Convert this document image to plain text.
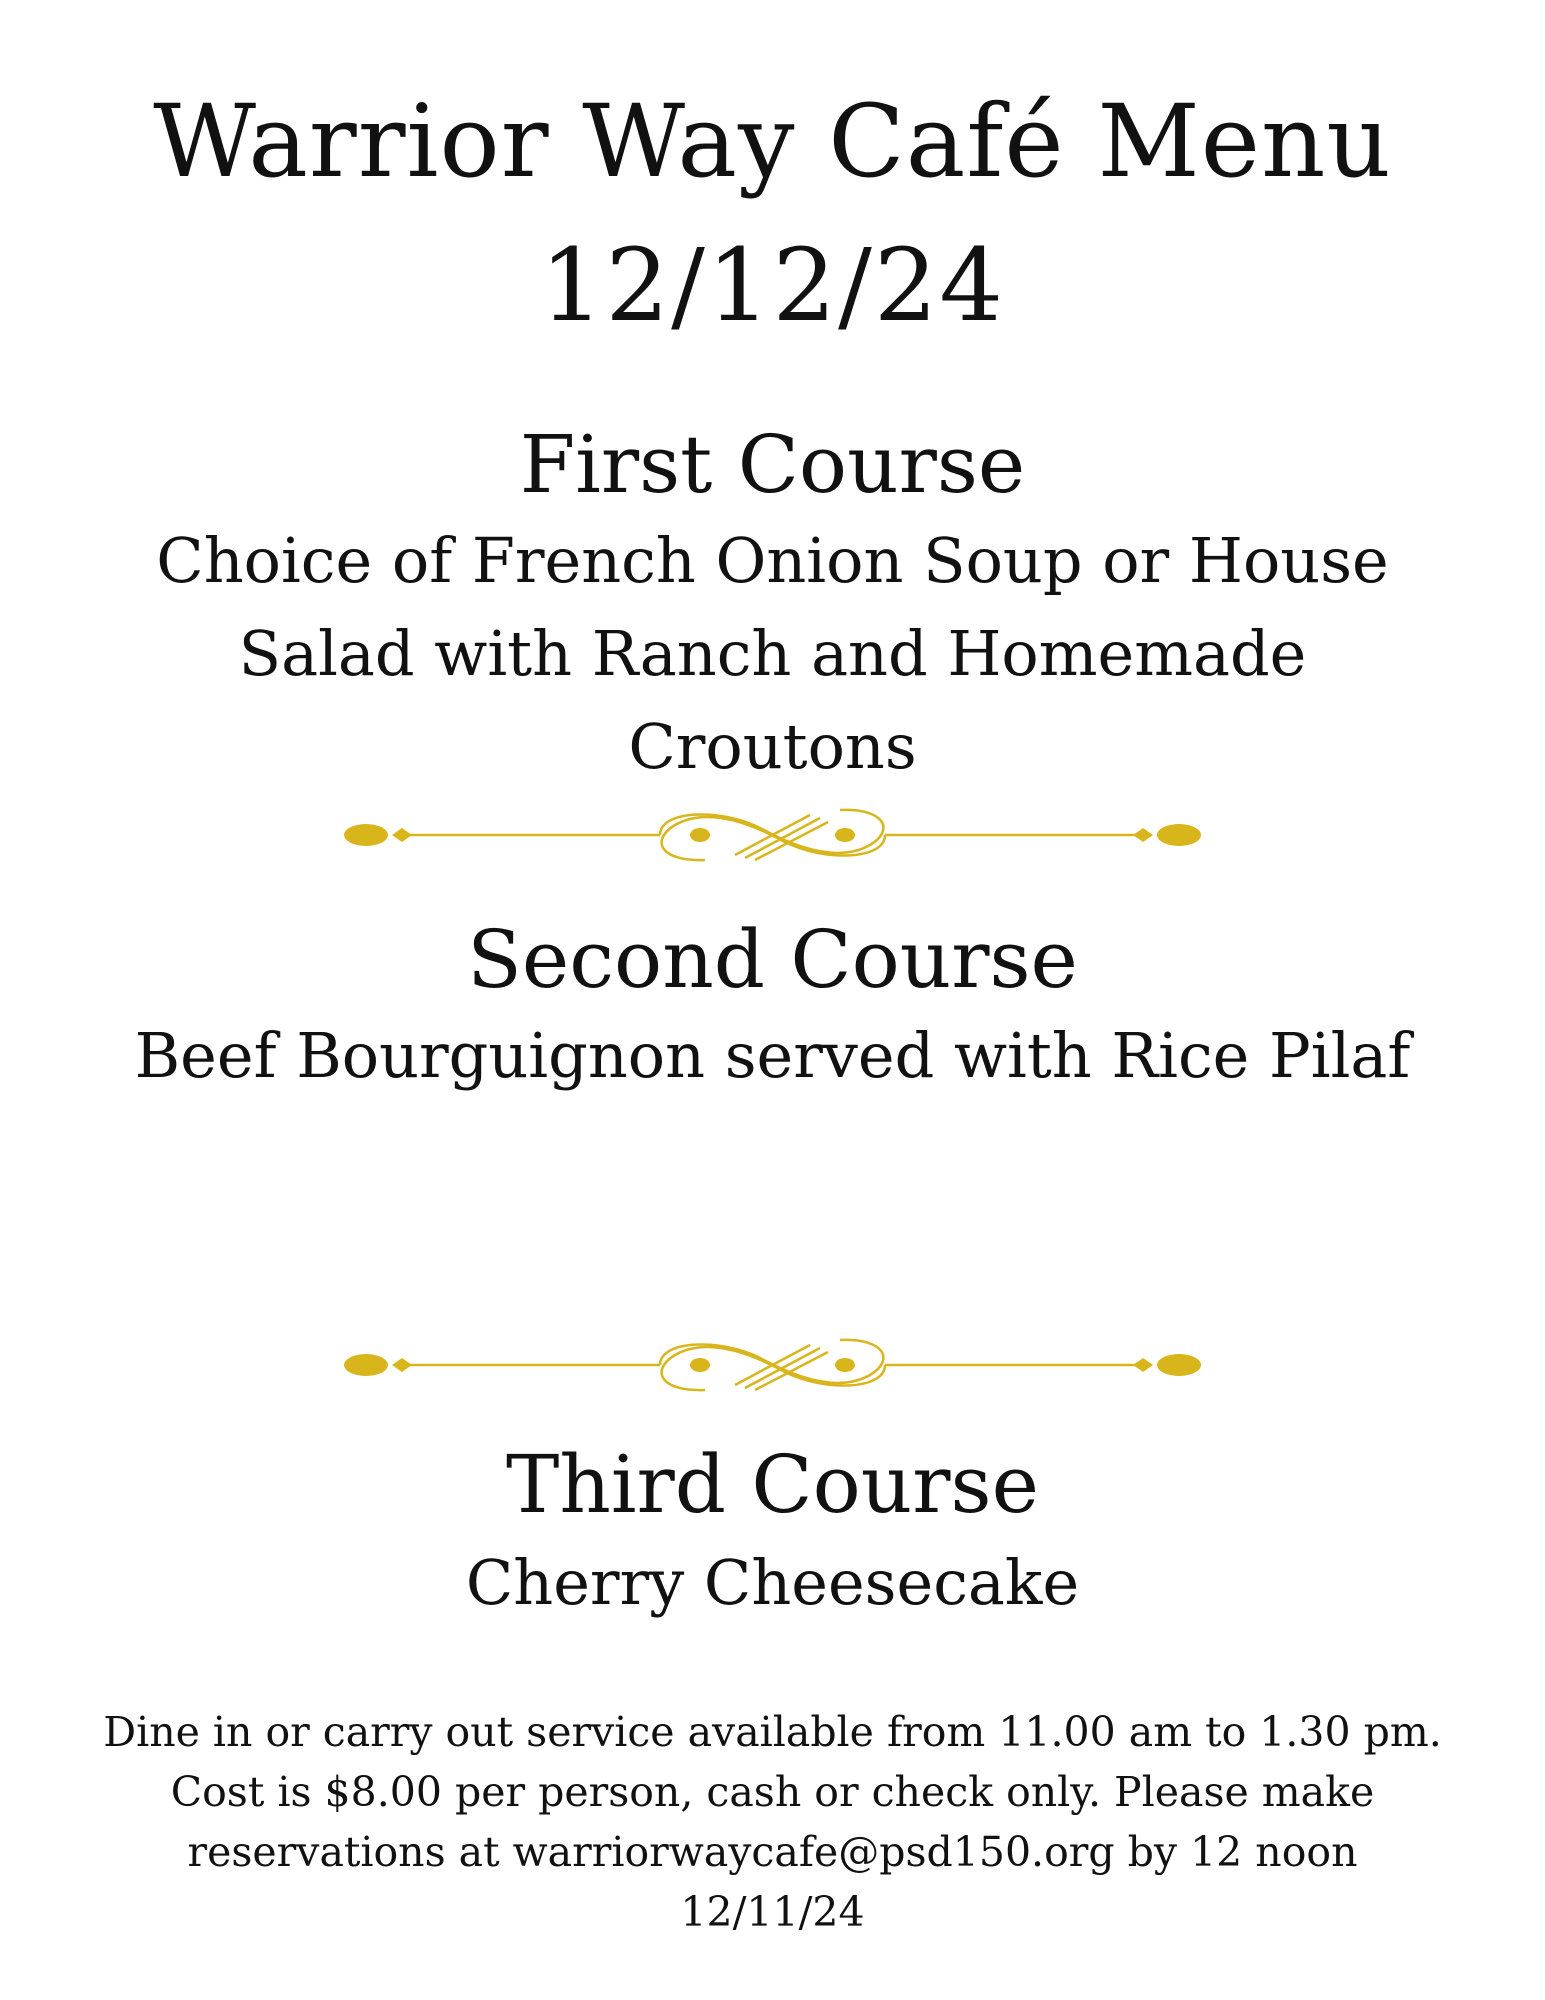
Warrior Way Café Menu
12/12/24
First Course
Choice of French Onion Soup or House
Salad with Ranch and Homemade
Croutons
Second Course
Beef Bourguignon served with Rice Pilaf
Third Course
Cherry Cheesecake
Dine in or carry out service available from 11.00 am to 1.30 pm.
Cost is $8.00 per person, cash or check only. Please make
reservations at warriorwaycafe@psd150.org by 12 noon
12/11/24
